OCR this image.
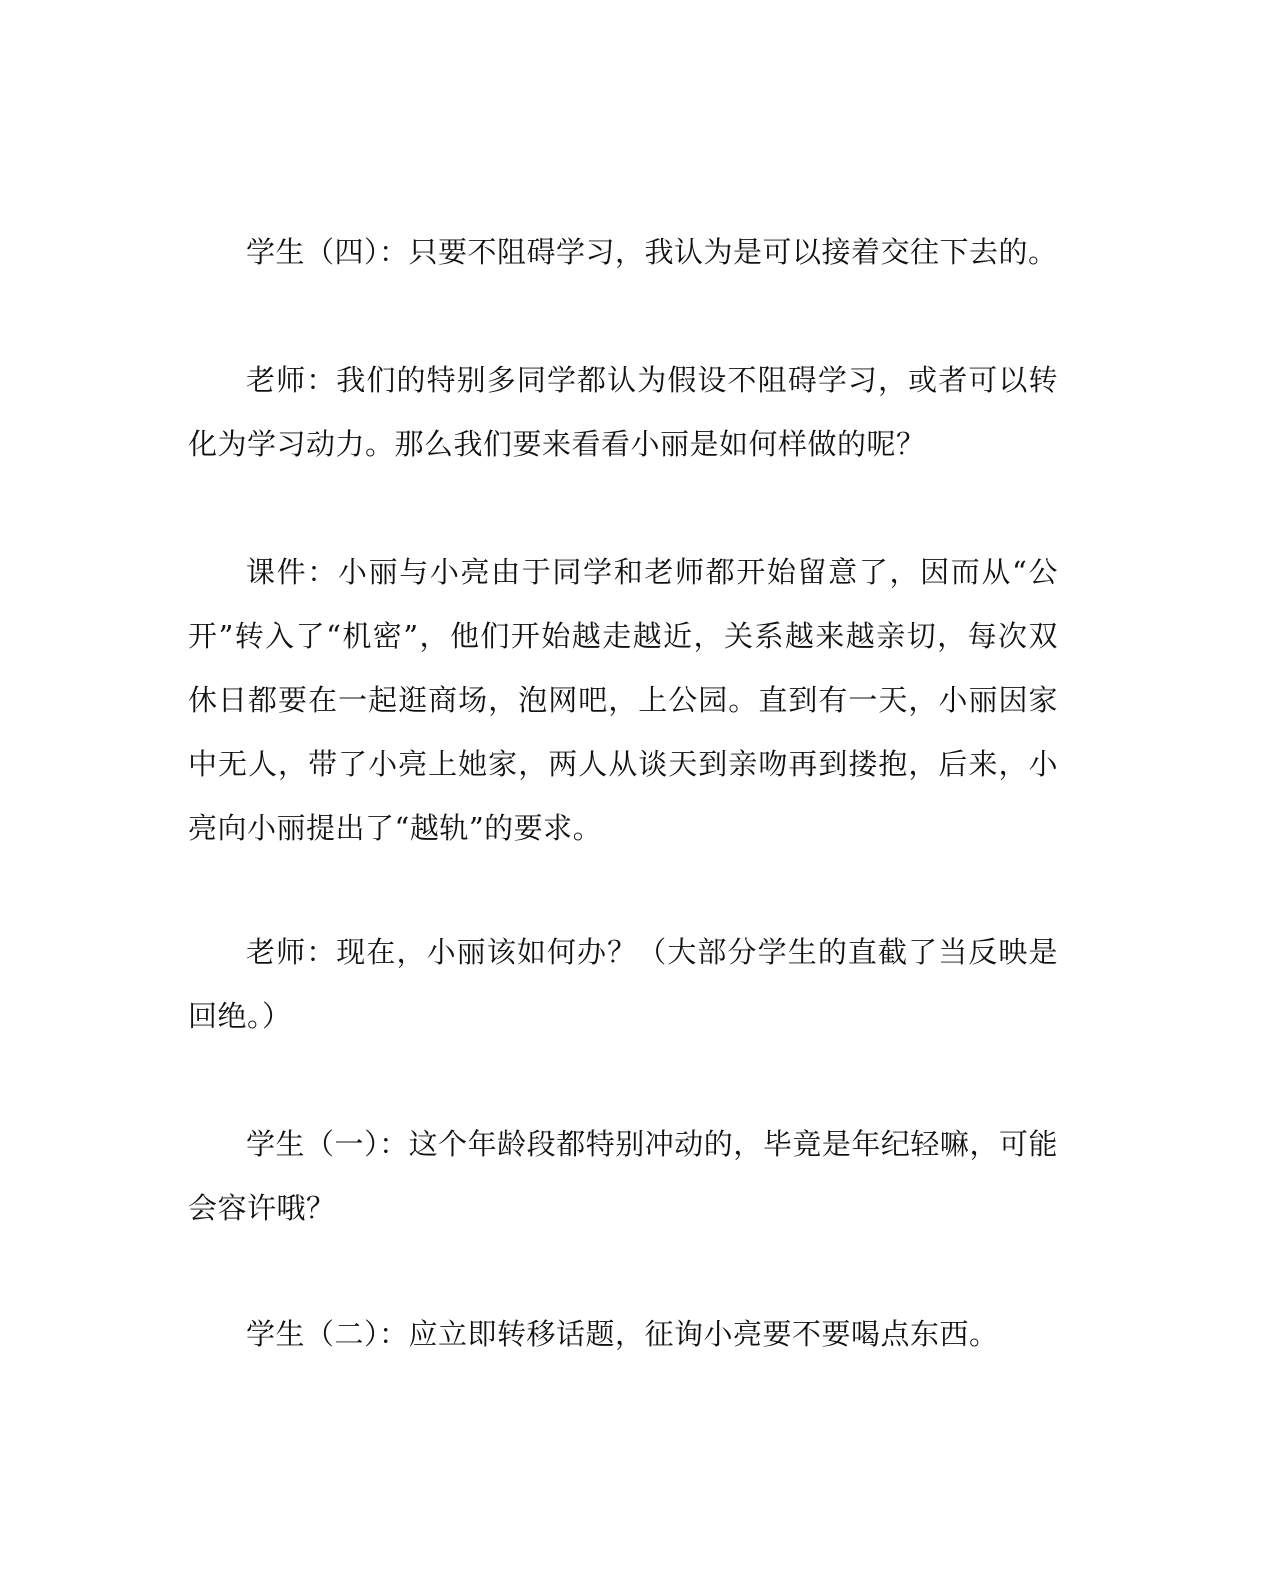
学生（四）：只要不阻碍学习，我认为是可以接着交往下去的。

老师：我们的特别多同学都认为假设不阻碍学习，或者可以转化为学习动力。那么我们要来看看小丽是如何样做的呢？

课件：小丽与小亮由于同学和老师都开始留意了，因而从“公开”转入了“机密”，他们开始越走越近，关系越来越亲切，每次双休日都要在一起逛商场，泡网吧，上公园。直到有一天，小丽因家中无人，带了小亮上她家，两人从谈天到亲吻再到搂抱，后来，小亮向小丽提出了“越轨”的要求。

老师：现在，小丽该如何办？（大部分学生的直截了当反映是回绝。）

学生（一）：这个年龄段都特别冲动的，毕竟是年纪轻嘛，可能会容许哦？

学生（二）：应立即转移话题，征询小亮要不要喝点东西。
